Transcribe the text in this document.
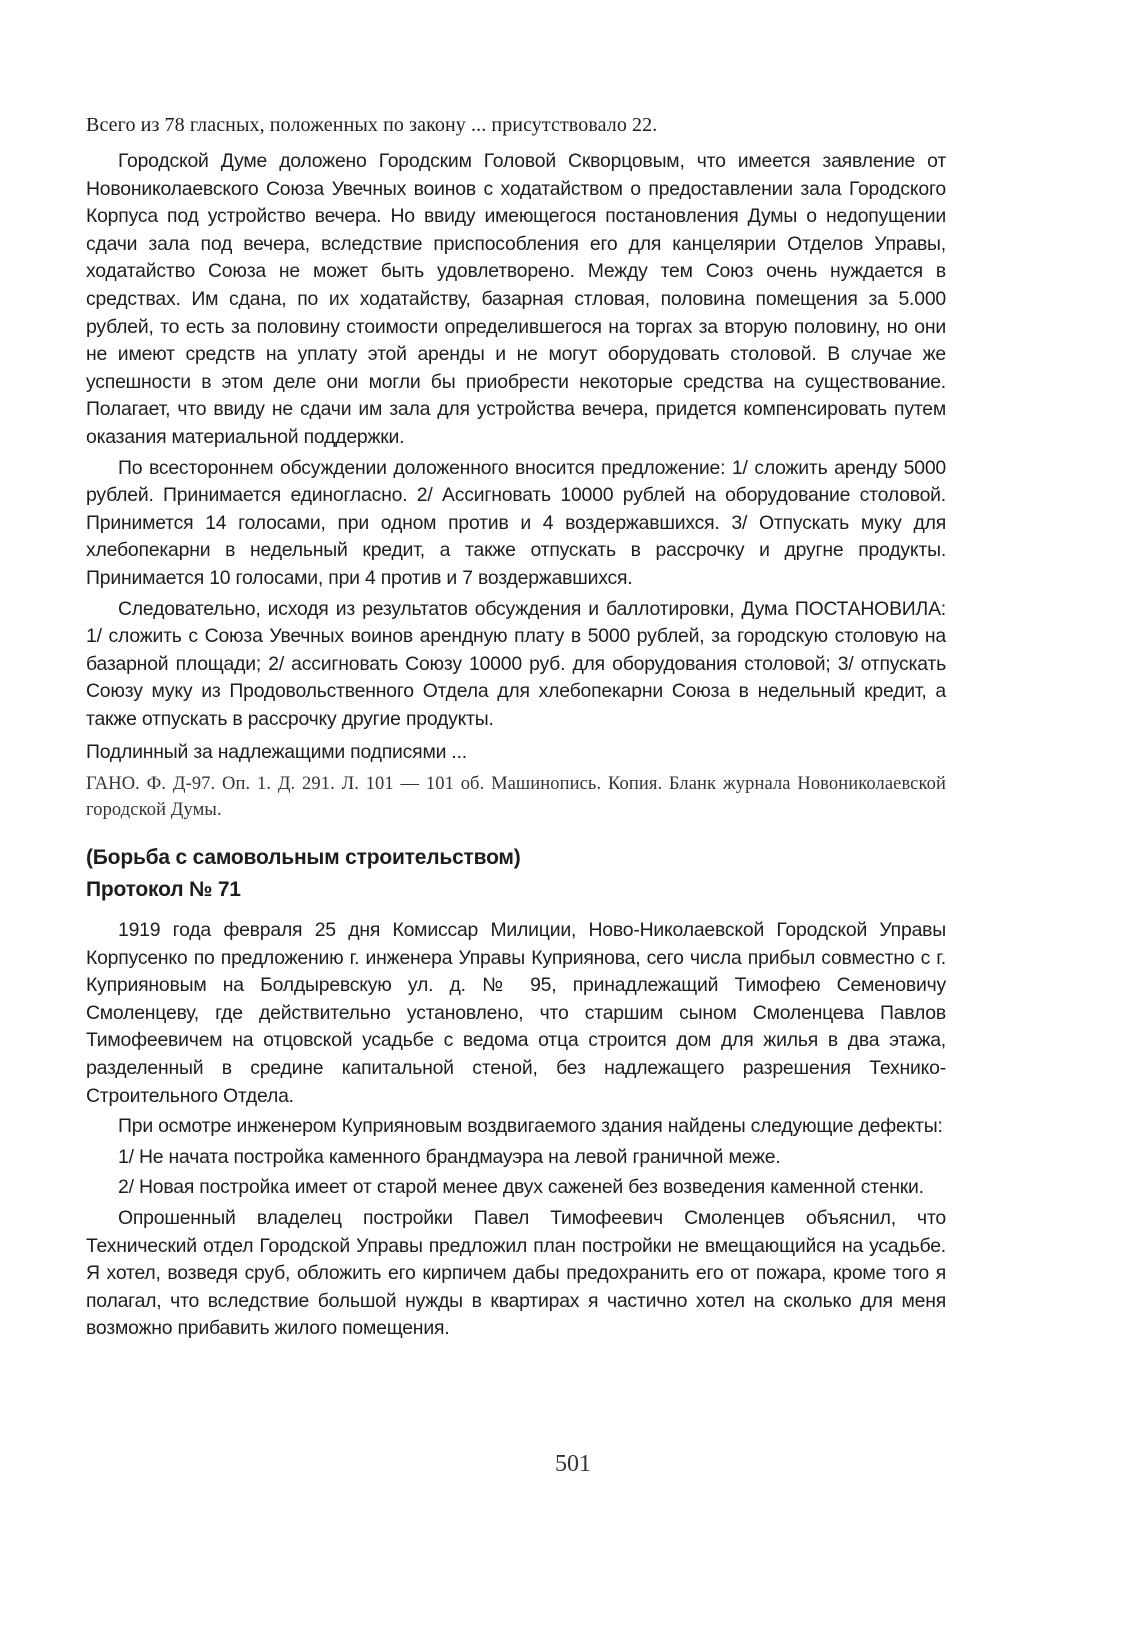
Всего из 78 гласных, положенных по закону ... присутствовало 22.

Городской Думе доложено Городским Головой Скворцовым, что имеется заявление от Новониколаевского Союза Увечных воинов с ходатайством о предоставлении зала Городского Корпуса под устройство вечера. Но ввиду имеющегося постановления Думы о недопущении сдачи зала под вечера, вследствие приспособления его для канцелярии Отделов Управы, ходатайство Союза не может быть удовлетворено. Между тем Союз очень нуждается в средствах. Им сдана, по их ходатайству, базарная стловая, половина помещения за 5.000 рублей, то есть за половину стоимости определившегося на торгах за вторую половину, но они не имеют средств на уплату этой аренды и не могут оборудовать столовой. В случае же успешности в этом деле они могли бы приобрести некоторые средства на существование. Полагает, что ввиду не сдачи им зала для устройства вечера, придется компенсировать путем оказания материальной поддержки.

По всестороннем обсуждении доложенного вносится предложение: 1/ сложить аренду 5000 рублей. Принимается единогласно. 2/ Ассигновать 10000 рублей на оборудование столовой. Принимется 14 голосами, при одном против и 4 воздержавшихся. 3/ Отпускать муку для хлебопекарни в недельный кредит, а также отпускать в рассрочку и другне продукты. Принимается 10 голосами, при 4 против и 7 воздержавшихся.

Следовательно, исходя из результатов обсуждения и баллотировки, Дума ПОСТАНОВИЛА: 1/ сложить с Союза Увечных воинов арендную плату в 5000 рублей, за городскую столовую на базарной площади; 2/ ассигновать Союзу 10000 руб. для оборудования столовой; 3/ отпускать Союзу муку из Продовольственного Отдела для хлебопекарни Союза в недельный кредит, а также отпускать в рассрочку другие продукты.

Подлинный за надлежащими подписями ...

ГАНО. Ф. Д-97. Оп. 1. Д. 291. Л. 101 — 101 об. Машинопись. Копия. Бланк журнала Новониколаевской городской Думы.

(Борьба с самовольным строительством)
Протокол № 71

1919 года февраля 25 дня Комиссар Милиции, Ново-Николаевской Городской Управы Корпусенко по предложению г. инженера Управы Куприянова, сего числа прибыл совместно с г. Куприяновым на Болдыревскую ул. д. № 95, принадлежащий Тимофею Семеновичу Смоленцеву, где действительно установлено, что старшим сыном Смоленцева Павлов Тимофеевичем на отцовской усадьбе с ведома отца строится дом для жилья в два этажа, разделенный в средине капитальной стеной, без надлежащего разрешения Технико-Строительного Отдела.

При осмотре инженером Куприяновым воздвигаемого здания найдены следующие дефекты:

1/ Не начата постройка каменного брандмауэра на левой граничной меже.

2/ Новая постройка имеет от старой менее двух саженей без возведения каменной стенки.

Опрошенный владелец постройки Павел Тимофеевич Смоленцев объяснил, что Технический отдел Городской Управы предложил план постройки не вмещающийся на усадьбе. Я хотел, возведя сруб, обложить его кирпичем дабы предохранить его от пожара, кроме того я полагал, что вследствие большой нужды в квартирах я частично хотел на сколько для меня возможно прибавить жилого помещения.

501
